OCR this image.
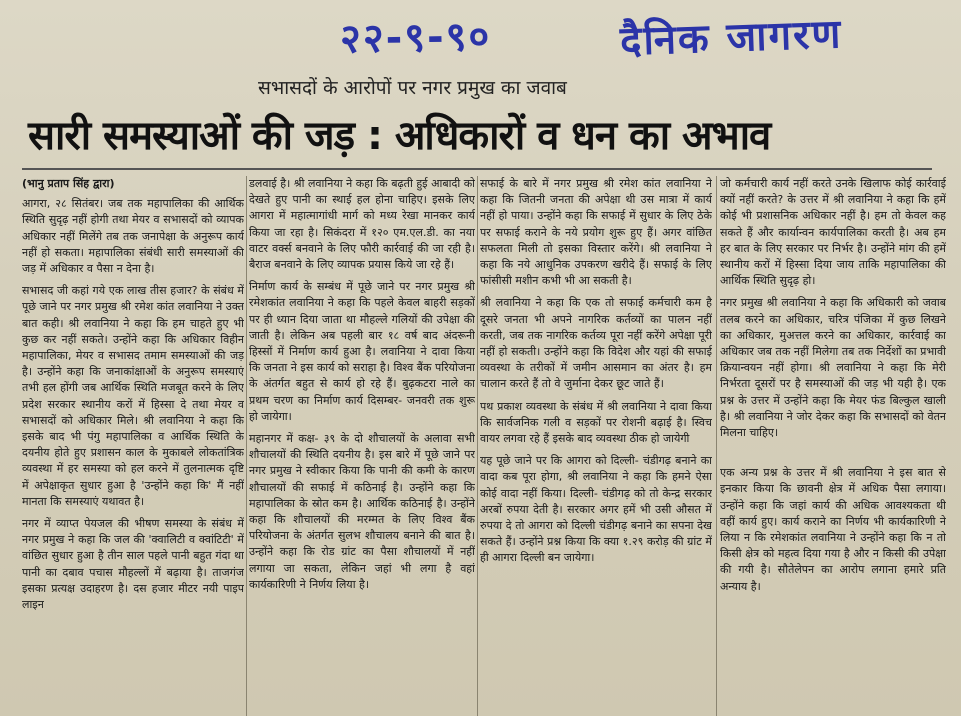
२२-९-९०	दैनिक जागरण
सभासदों के आरोपों पर नगर प्रमुख का जवाब
सारी समस्याओं की जड़ : अधिकारों व धन का अभाव

(भानु प्रताप सिंह द्वारा)

आगरा, २८ सितंबर। जब तक महापालिका की आर्थिक स्थिति सुदृढ़ नहीं होगी तथा मेयर व सभासदों को व्यापक अधिकार नहीं मिलेंगे तब तक जनापेक्षा के अनुरूप कार्य नहीं हो सकता। महापालिका संबंधी सारी समस्याओं की जड़ में अधिकार व पैसा न देना है।

सभासद जी कहां गये एक लाख तीस हजार? के संबंध में पूछे जाने पर नगर प्रमुख श्री रमेश कांत लवानिया ने उक्त बात कही। श्री लवानिया ने कहा कि हम चाहते हुए भी कुछ कर नहीं सकते। उन्होंने कहा कि अधिकार विहीन महापालिका, मेयर व सभासद तमाम समस्याओं की जड़ है। उन्होंने कहा कि जनाकांक्षाओं के अनुरूप समस्याएं तभी हल होंगी जब आर्थिक स्थिति मजबूत करने के लिए प्रदेश सरकार स्थानीय करों में हिस्सा दे तथा मेयर व सभासदों को अधिकार मिले। श्री लवानिया ने कहा कि इसके बाद भी पंगु महापालिका व आर्थिक स्थिति के दयनीय होते हुए प्रशासन काल के मुकाबले लोकतांत्रिक व्यवस्था में हर समस्या को हल करने में तुलनात्मक दृष्टि में अपेक्षाकृत सुधार हुआ है 'उन्होंने कहा कि' मैं नहीं मानता कि समस्याएं यथावत है।

नगर में व्याप्त पेयजल की भीषण समस्या के संबंध में नगर प्रमुख ने कहा कि जल की 'क्वालिटी व क्वांटिटी' में वांछित सुधार हुआ है तीन साल पहले पानी बहुत गंदा था पानी का दबाव पचास मौहल्लों में बढ़ाया है। ताजगंज इसका प्रत्यक्ष उदाहरण है। दस हजार मीटर नयी पाइप लाइन

डलवाई है। श्री लवानिया ने कहा कि बढ़ती हुई आबादी को देखते हुए पानी का स्थाई हल होना चाहिए। इसके लिए आगरा में महात्मागांधी मार्ग को मध्य रेखा मानकर कार्य किया जा रहा है। सिकंदरा में १२० एम.एल.डी. का नया वाटर वर्क्स बनवाने के लिए फौरी कार्रवाई की जा रही है। बैराज बनवाने के लिए व्यापक प्रयास किये जा रहे हैं।

निर्माण कार्य के सम्बंध में पूछे जाने पर नगर प्रमुख श्री रमेशकांत लवानिया ने कहा कि पहले केवल बाहरी सड़कों पर ही ध्यान दिया जाता था मौहल्ले गलियों की उपेक्षा की जाती है। लेकिन अब पहली बार १८ वर्ष बाद अंदरूनी हिस्सों में निर्माण कार्य हुआ है। लवानिया ने दावा किया कि जनता ने इस कार्य को सराहा है। विश्व बैंक परियोजना के अंतर्गत बहुत से कार्य हो रहे हैं। बुढ़कटरा नाले का प्रथम चरण का निर्माण कार्य दिसम्बर- जनवरी तक शुरू हो जायेगा।

महानगर में कक्ष- ३९ के दो शौचालयों के अलावा सभी शौचालयों की स्थिति दयनीय है। इस बारे में पूछे जाने पर नगर प्रमुख ने स्वीकार किया कि पानी की कमी के कारण शौचालयों की सफाई में कठिनाई है। उन्होंने कहा कि महापालिका के स्रोत कम है। आर्थिक कठिनाई है। उन्होंने कहा कि शौचालयों की मरम्मत के लिए विश्व बैंक परियोजना के अंतर्गत सुलभ शौचालय बनाने की बात है। उन्होंने कहा कि रोड ग्रांट का पैसा शौचालयों में नहीं लगाया जा सकता, लेकिन जहां भी लगा है वहां कार्यकारिणी ने निर्णय लिया है।

सफाई के बारे में नगर प्रमुख श्री रमेश कांत लवानिया ने कहा कि जितनी जनता की अपेक्षा थी उस मात्रा में कार्य नहीं हो पाया। उन्होंने कहा कि सफाई में सुधार के लिए ठेके पर सफाई कराने के नये प्रयोग शुरू हुए हैं। अगर वांछित सफलता मिली तो इसका विस्तार करेंगे। श्री लवानिया ने कहा कि नये आधुनिक उपकरण खरीदे हैं। सफाई के लिए फांसीसी मशीन कभी भी आ सकती है।

श्री लवानिया ने कहा कि एक तो सफाई कर्मचारी कम है दूसरे जनता भी अपने नागरिक कर्तव्यों का पालन नहीं करती, जब तक नागरिक कर्तव्य पूरा नहीं करेंगे अपेक्षा पूरी नहीं हो सकती। उन्होंने कहा कि विदेश और यहां की सफाई व्यवस्था के तरीकों में जमीन आसमान का अंतर है। हम चालान करते हैं तो वे जुर्माना देकर छूट जाते हैं।

पथ प्रकाश व्यवस्था के संबंध में श्री लवानिया ने दावा किया कि सार्वजनिक गली व सड़कों पर रोशनी बढ़ाई है। स्विच वायर लगवा रहे हैं इसके बाद व्यवस्था ठीक हो जायेगी

यह पूछे जाने पर कि आगरा को दिल्ली- चंडीगढ़ बनाने का वादा कब पूरा होगा, श्री लवानिया ने कहा कि हमने ऐसा कोई वादा नहीं किया। दिल्ली- चंडीगढ़ को तो केन्द्र सरकार अरबों रुपया देती है। सरकार अगर हमें भी उसी औसत में रुपया दे तो आगरा को दिल्ली चंडीगढ़ बनाने का सपना देख सकते हैं। उन्होंने प्रश्न किया कि क्या १.२९ करोड़ की ग्रांट में ही आगरा दिल्ली बन जायेगा।

जो कर्मचारी कार्य नहीं करते उनके खिलाफ कोई कार्रवाई क्यों नहीं करते? के उत्तर में श्री लवानिया ने कहा कि हमें कोई भी प्रशासनिक अधिकार नहीं है। हम तो केवल कह सकते हैं और कार्यान्वन कार्यपालिका करती है। अब हम हर बात के लिए सरकार पर निर्भर है। उन्होंने मांग की हमें स्थानीय करों में हिस्सा दिया जाय ताकि महापालिका की आर्थिक स्थिति सुदृढ़ हो।

नगर प्रमुख श्री लवानिया ने कहा कि अधिकारी को जवाब तलब करने का अधिकार, चरित्र पंजिका में कुछ लिखने का अधिकार, मुअत्तल करने का अधिकार, कार्रवाई का अधिकार जब तक नहीं मिलेगा तब तक निर्देशों का प्रभावी क्रियान्वयन नहीं होगा। श्री लवानिया ने कहा कि मेरी निर्भरता दूसरों पर है समस्याओं की जड़ भी यही है। एक प्रश्न के उत्तर में उन्होंने कहा कि मेयर फंड बिल्कुल खाली है। श्री लवानिया ने जोर देकर कहा कि सभासदों को वेतन मिलना चाहिए।

एक अन्य प्रश्न के उत्तर में श्री लवानिया ने इस बात से इनकार किया कि छावनी क्षेत्र में अधिक पैसा लगाया। उन्होंने कहा कि जहां कार्य की अधिक आवश्यकता थी वहीं कार्य हुए। कार्य कराने का निर्णय भी कार्यकारिणी ने लिया न कि रमेशकांत लवानिया ने उन्होंने कहा कि न तो किसी क्षेत्र को महत्व दिया गया है और न किसी की उपेक्षा की गयी है। सौतेलेपन का आरोप लगाना हमारे प्रति अन्याय है।
